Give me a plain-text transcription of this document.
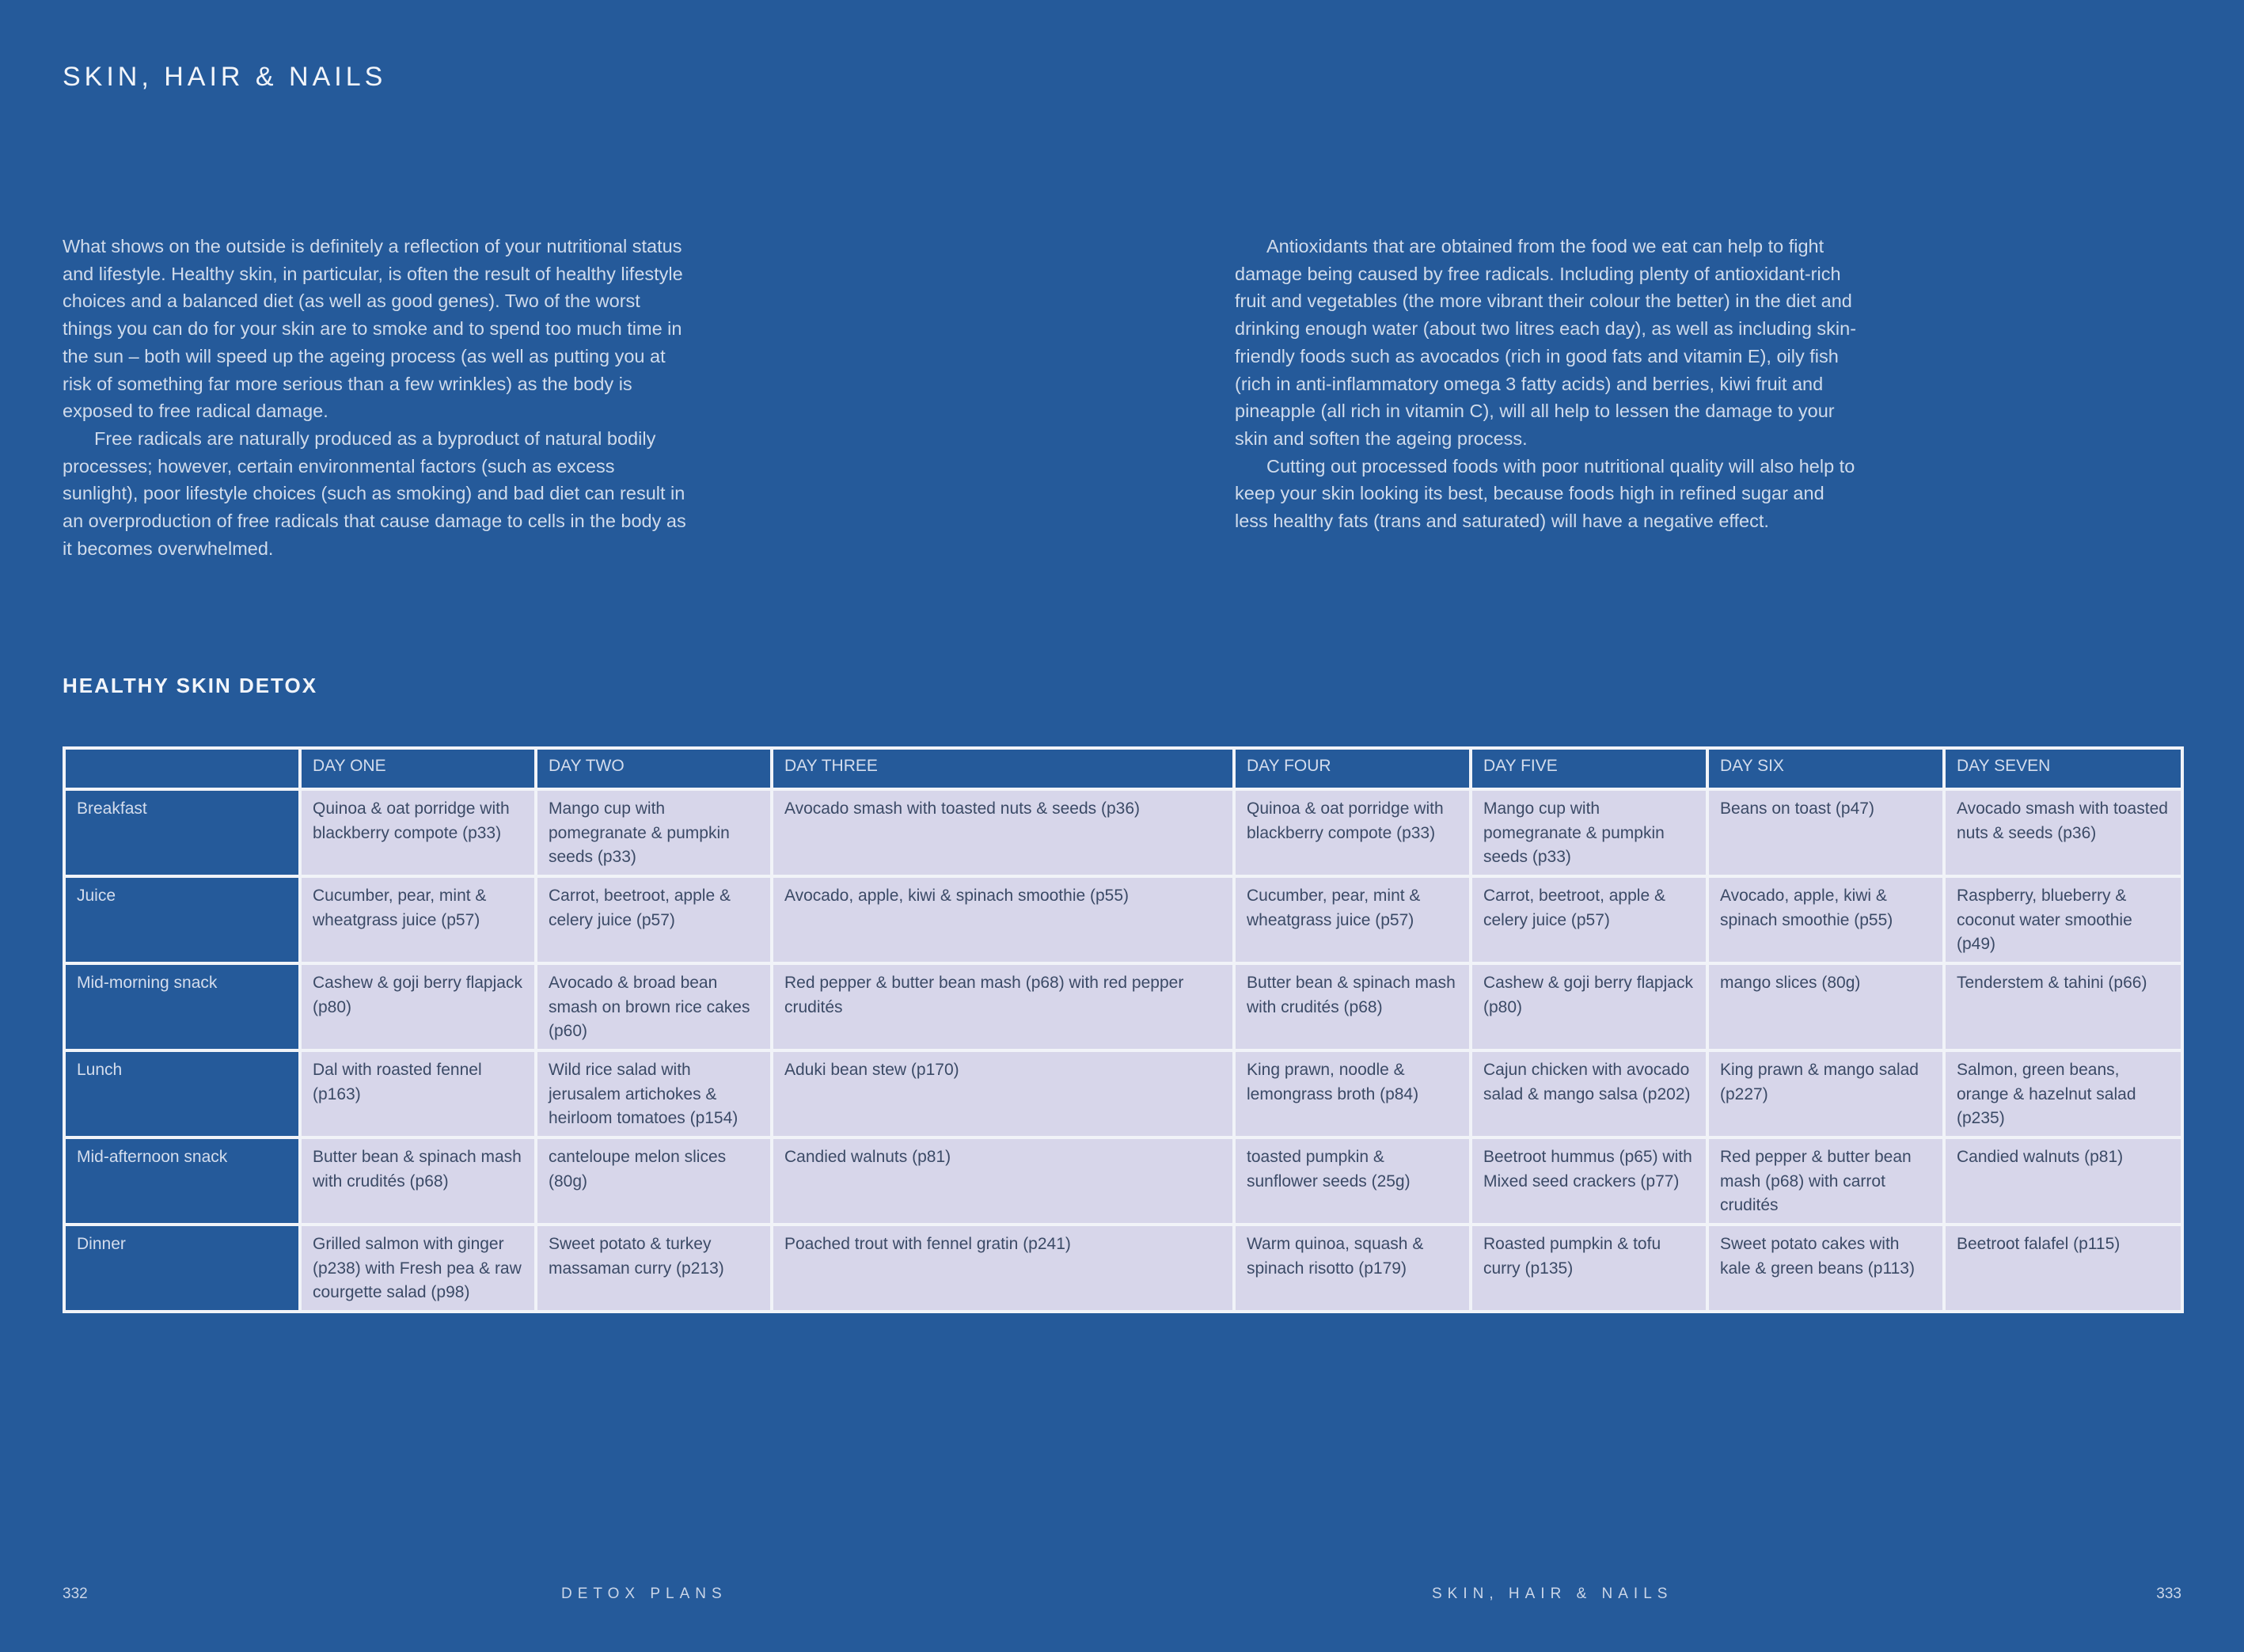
SKIN, HAIR & NAILS

What shows on the outside is definitely a reflection of your nutritional status and lifestyle. Healthy skin, in particular, is often the result of healthy lifestyle choices and a balanced diet (as well as good genes). Two of the worst things you can do for your skin are to smoke and to spend too much time in the sun – both will speed up the ageing process (as well as putting you at risk of something far more serious than a few wrinkles) as the body is exposed to free radical damage.

Free radicals are naturally produced as a byproduct of natural bodily processes; however, certain environmental factors (such as excess sunlight), poor lifestyle choices (such as smoking) and bad diet can result in an overproduction of free radicals that cause damage to cells in the body as it becomes overwhelmed.

Antioxidants that are obtained from the food we eat can help to fight damage being caused by free radicals. Including plenty of antioxidant-rich fruit and vegetables (the more vibrant their colour the better) in the diet and drinking enough water (about two litres each day), as well as including skin-friendly foods such as avocados (rich in good fats and vitamin E), oily fish (rich in anti-inflammatory omega 3 fatty acids) and berries, kiwi fruit and pineapple (all rich in vitamin C), will all help to lessen the damage to your skin and soften the ageing process.

Cutting out processed foods with poor nutritional quality will also help to keep your skin looking its best, because foods high in refined sugar and less healthy fats (trans and saturated) will have a negative effect.

HEALTHY SKIN DETOX
	DAY ONE	DAY TWO	DAY THREE	DAY FOUR	DAY FIVE	DAY SIX	DAY SEVEN
Breakfast	Quinoa & oat porridge with blackberry compote (p33)	Mango cup with pomegranate & pumpkin seeds (p33)	Avocado smash with toasted nuts & seeds (p36)	Quinoa & oat porridge with blackberry compote (p33)	Mango cup with pomegranate & pumpkin seeds (p33)	Beans on toast (p47)	Avocado smash with toasted nuts & seeds (p36)
Juice	Cucumber, pear, mint & wheatgrass juice (p57)	Carrot, beetroot, apple & celery juice (p57)	Avocado, apple, kiwi & spinach smoothie (p55)	Cucumber, pear, mint & wheatgrass juice (p57)	Carrot, beetroot, apple & celery juice (p57)	Avocado, apple, kiwi & spinach smoothie (p55)	Raspberry, blueberry & coconut water smoothie (p49)
Mid-morning snack	Cashew & goji berry flapjack (p80)	Avocado & broad bean smash on brown rice cakes (p60)	Red pepper & butter bean mash (p68) with red pepper crudités	Butter bean & spinach mash with crudités (p68)	Cashew & goji berry flapjack (p80)	mango slices (80g)	Tenderstem & tahini (p66)
Lunch	Dal with roasted fennel (p163)	Wild rice salad with jerusalem artichokes & heirloom tomatoes (p154)	Aduki bean stew (p170)	King prawn, noodle & lemongrass broth (p84)	Cajun chicken with avocado salad & mango salsa (p202)	King prawn & mango salad (p227)	Salmon, green beans, orange & hazelnut salad (p235)
Mid-afternoon snack	Butter bean & spinach mash with crudités (p68)	canteloupe melon slices (80g)	Candied walnuts (p81)	toasted pumpkin & sunflower seeds (25g)	Beetroot hummus (p65) with Mixed seed crackers (p77)	Red pepper & butter bean mash (p68) with carrot crudités	Candied walnuts (p81)
Dinner	Grilled salmon with ginger (p238) with Fresh pea & raw courgette salad (p98)	Sweet potato & turkey massaman curry (p213)	Poached trout with fennel gratin (p241)	Warm quinoa, squash & spinach risotto (p179)	Roasted pumpkin & tofu curry (p135)	Sweet potato cakes with kale & green beans (p113)	Beetroot falafel (p115)

332	DETOX PLANS	SKIN, HAIR & NAILS	333
